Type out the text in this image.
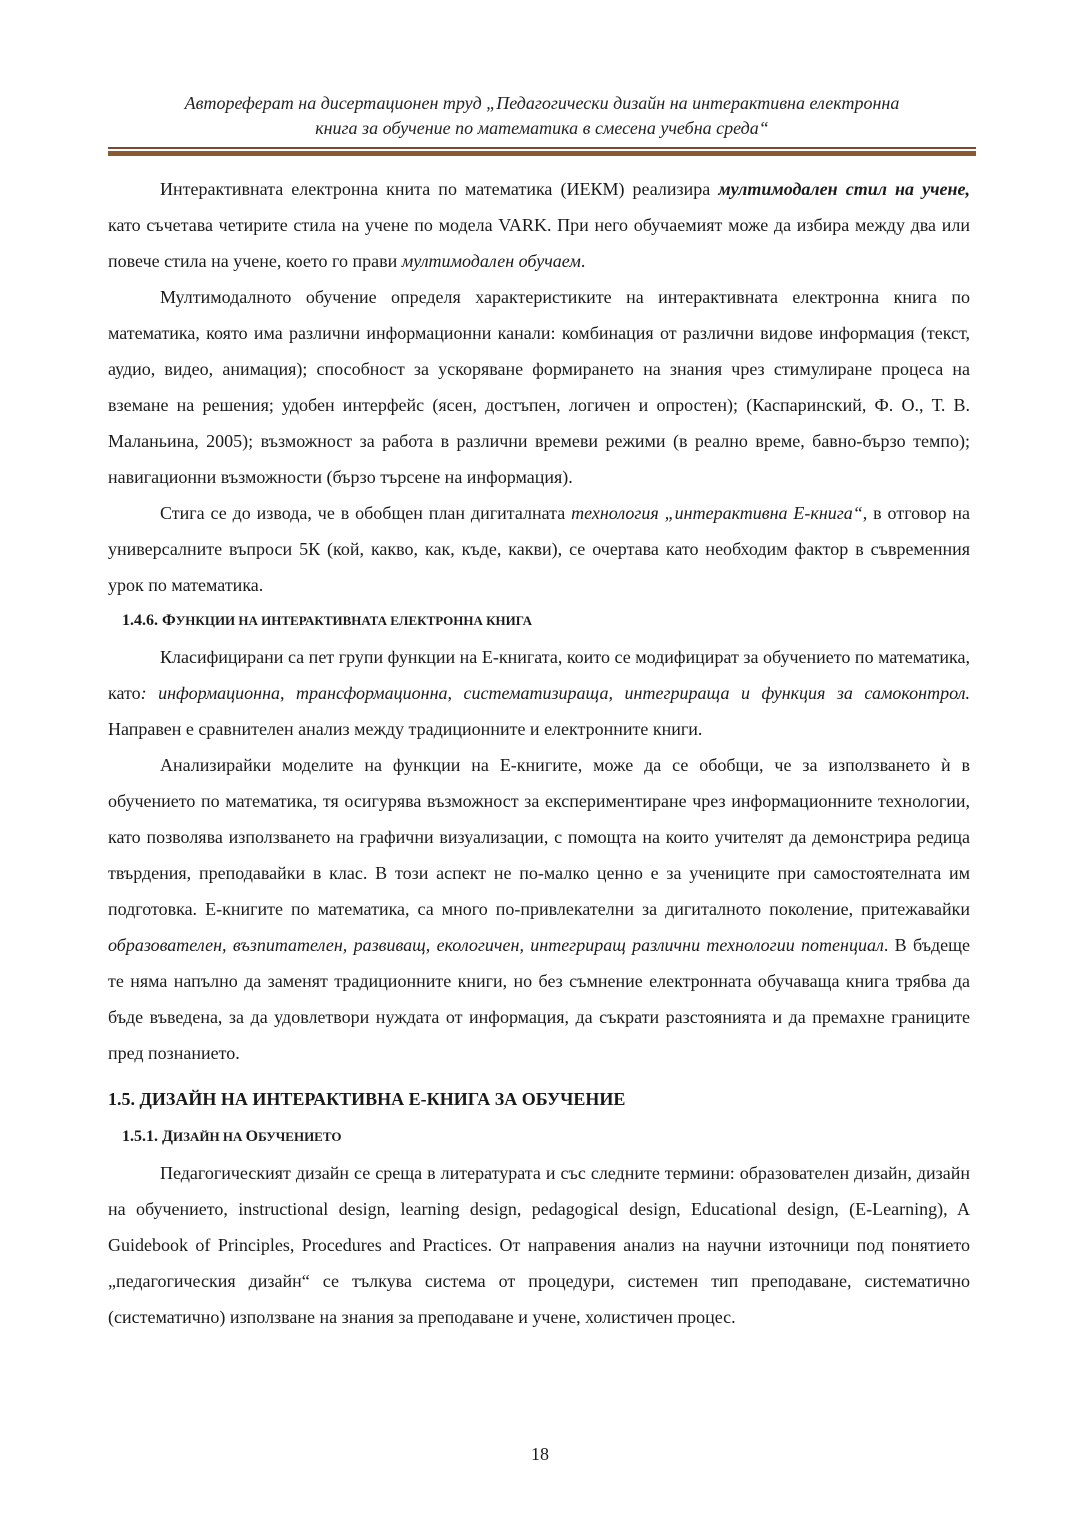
Автореферат на дисертационен труд „Педагогически дизайн на интерактивна електронна
книга за обучение по математика в смесена учебна среда“

Интерактивната електронна книта по математика (ИЕКМ) реализира мултимодален стил на учене, като съчетава четирите стила на учене по модела VARK. При него обучаемият може да избира между два или повече стила на учене, което го прави мултимодален обучаем.

Мултимодалното обучение определя характеристиките на интерактивната електронна книга по математика, която има различни информационни канали: комбинация от различни видове информация (текст, аудио, видео, анимация); способност за ускоряване формирането на знания чрез стимулиране процеса на вземане на решения; удобен интерфейс (ясен, достъпен, логичен и опростен); (Каспаринский, Ф. О., Т. В. Маланьина, 2005); възможност за работа в различни времеви режими (в реално време, бавно-бързо темпо); навигационни възможности (бързо търсене на информация).

Стига се до извода, че в обобщен план дигиталната технология „интерактивна Е-книга“, в отговор на универсалните въпроси 5К (кой, какво, как, къде, какви), се очертава като необходим фактор в съвременния урок по математика.

1.4.6. ФУНКЦИИ НА ИНТЕРАКТИВНАТА ЕЛЕКТРОННА КНИГА

Класифицирани са пет групи функции на Е-книгата, които се модифицират за обучението по математика, като: информационна, трансформационна, систематизираща, интегрираща и функция за самоконтрол. Направен е сравнителен анализ между традиционните и електронните книги.

Анализирайки моделите на функции на Е-книгите, може да се обобщи, че за използването ѝ в обучението по математика, тя осигурява възможност за експериментиране чрез информационните технологии, като позволява използването на графични визуализации, с помощта на които учителят да демонстрира редица твърдения, преподавайки в клас. В този аспект не по-малко ценно е за учениците при самостоятелната им подготовка. Е-книгите по математика, са много по-привлекателни за дигиталното поколение, притежавайки образователен, възпитателен, развиващ, екологичен, интегриращ различни технологии потенциал. В бъдеще те няма напълно да заменят традиционните книги, но без съмнение електронната обучаваща книга трябва да бъде въведена, за да удовлетвори нуждата от информация, да съкрати разстоянията и да премахне границите пред познанието.

1.5. ДИЗАЙН НА ИНТЕРАКТИВНА Е-КНИГА ЗА ОБУЧЕНИЕ
1.5.1. ДИЗАЙН НА ОБУЧЕНИЕТО

Педагогическият дизайн се среща в литературата и със следните термини: образователен дизайн, дизайн на обучението, instructional design, learning design, pedagogical design, Educational design, (E-Learning), A Guidebook of Principles, Procedures and Practices. От направения анализ на научни източници под понятието „педагогическия дизайн“ се тълкува система от процедури, системен тип преподаване, систематично (систематично) използване на знания за преподаване и учене, холистичен процес.

18
